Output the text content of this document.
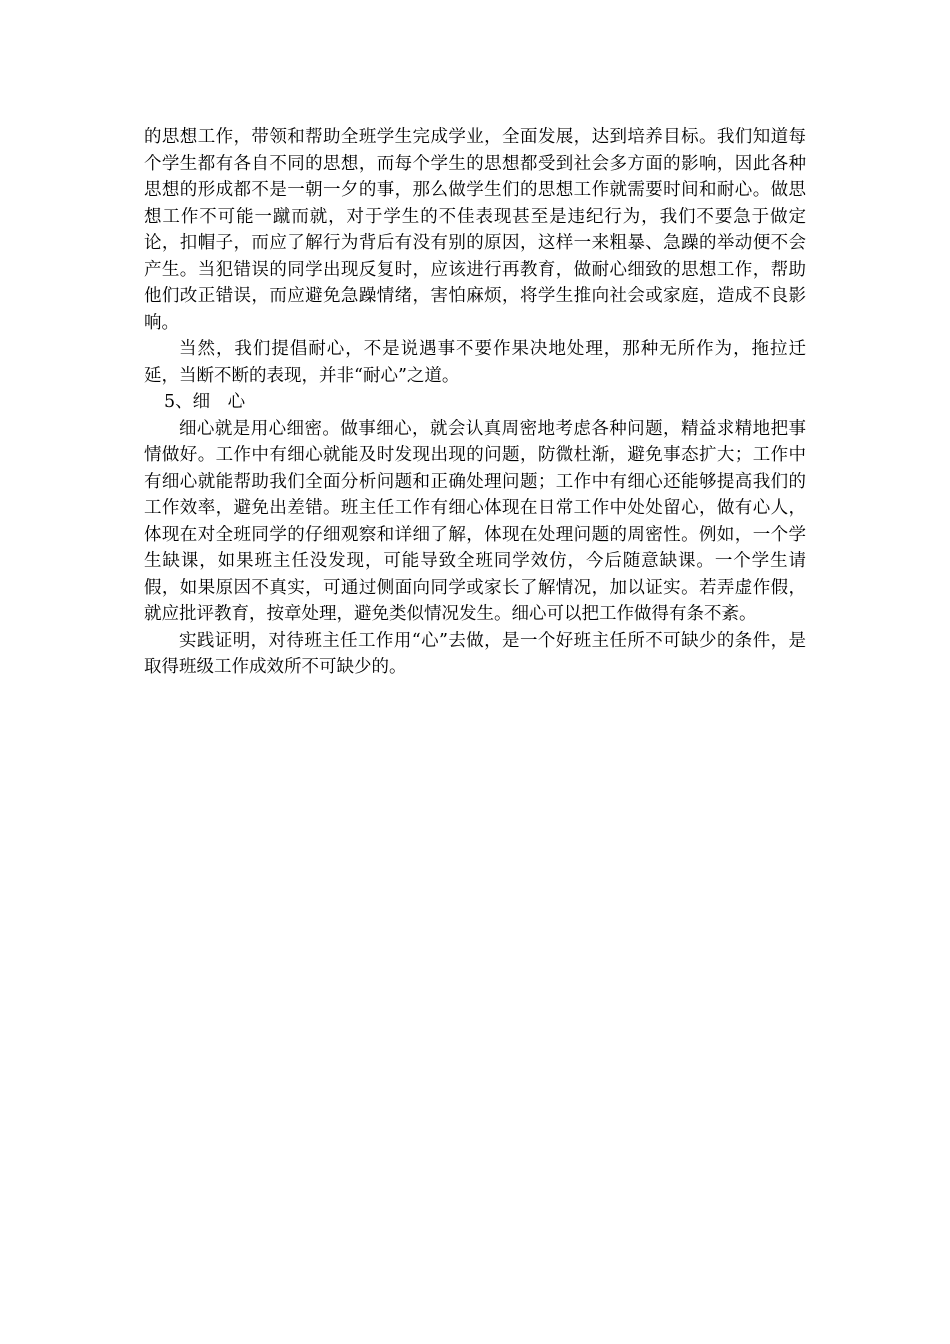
的思想工作，带领和帮助全班学生完成学业，全面发展，达到培养目标。我们知道每个学生都有各自不同的思想，而每个学生的思想都受到社会多方面的影响，因此各种思想的形成都不是一朝一夕的事，那么做学生们的思想工作就需要时间和耐心。做思想工作不可能一蹴而就，对于学生的不佳表现甚至是违纪行为，我们不要急于做定论，扣帽子，而应了解行为背后有没有别的原因，这样一来粗暴、急躁的举动便不会产生。当犯错误的同学出现反复时，应该进行再教育，做耐心细致的思想工作，帮助他们改正错误，而应避免急躁情绪，害怕麻烦，将学生推向社会或家庭，造成不良影响。

当然，我们提倡耐心，不是说遇事不要作果决地处理，那种无所作为，拖拉迁延，当断不断的表现，并非“耐心”之道。

5、细　心

细心就是用心细密。做事细心，就会认真周密地考虑各种问题，精益求精地把事情做好。工作中有细心就能及时发现出现的问题，防微杜渐，避免事态扩大；工作中有细心就能帮助我们全面分析问题和正确处理问题；工作中有细心还能够提高我们的工作效率，避免出差错。班主任工作有细心体现在日常工作中处处留心，做有心人，体现在对全班同学的仔细观察和详细了解，体现在处理问题的周密性。例如，一个学生缺课，如果班主任没发现，可能导致全班同学效仿，今后随意缺课。一个学生请假，如果原因不真实，可通过侧面向同学或家长了解情况，加以证实。若弄虚作假，就应批评教育，按章处理，避免类似情况发生。细心可以把工作做得有条不紊。

实践证明，对待班主任工作用“心”去做，是一个好班主任所不可缺少的条件，是取得班级工作成效所不可缺少的。
